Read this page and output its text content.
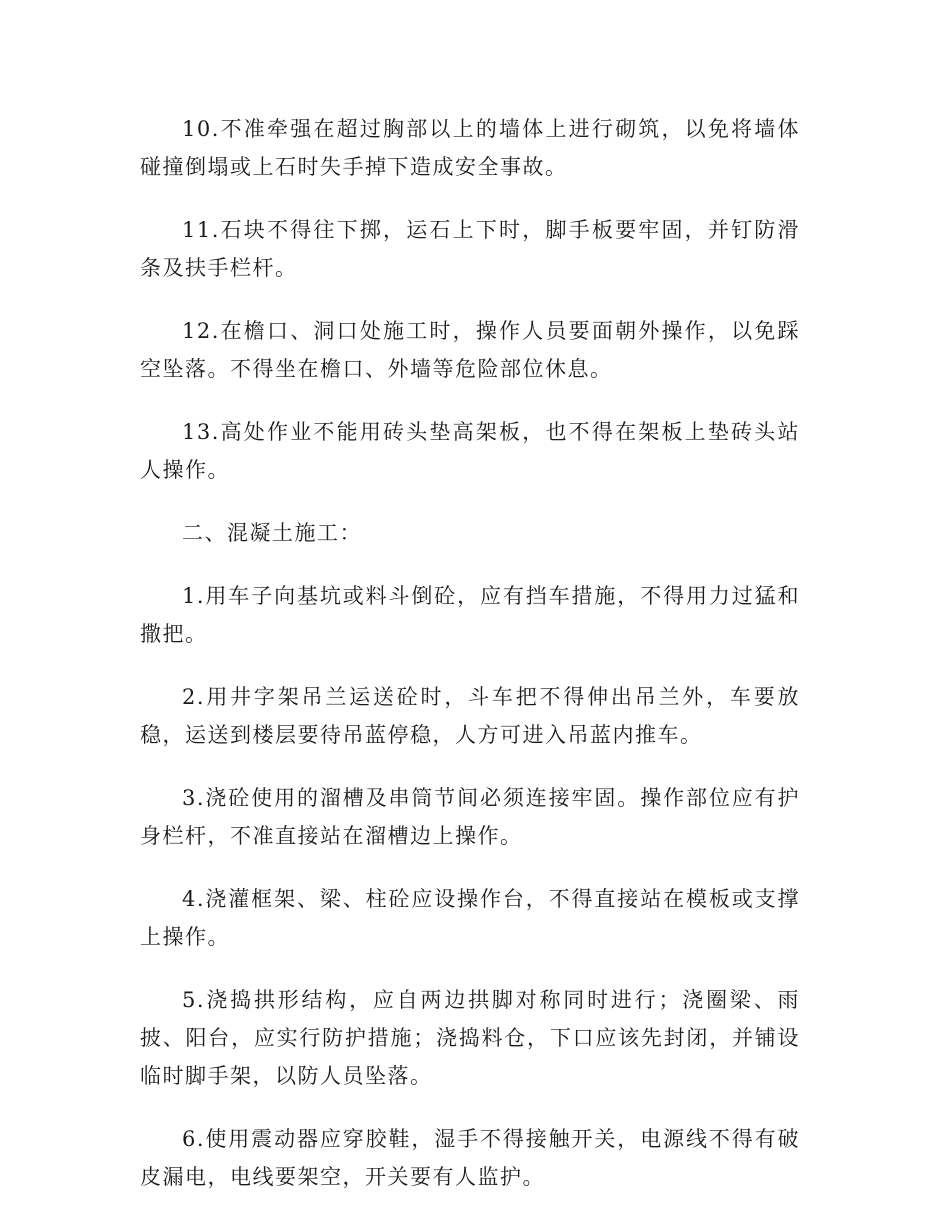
10.不准牵强在超过胸部以上的墙体上进行砌筑，以免将墙体碰撞倒塌或上石时失手掉下造成安全事故。

11.石块不得往下掷，运石上下时，脚手板要牢固，并钉防滑条及扶手栏杆。

12.在檐口、洞口处施工时，操作人员要面朝外操作，以免踩空坠落。不得坐在檐口、外墙等危险部位休息。

13.高处作业不能用砖头垫高架板，也不得在架板上垫砖头站人操作。

二、混凝土施工：

1.用车子向基坑或料斗倒砼，应有挡车措施，不得用力过猛和撒把。

2.用井字架吊兰运送砼时，斗车把不得伸出吊兰外，车要放稳，运送到楼层要待吊蓝停稳，人方可进入吊蓝内推车。

3.浇砼使用的溜槽及串筒节间必须连接牢固。操作部位应有护身栏杆，不准直接站在溜槽边上操作。

4.浇灌框架、梁、柱砼应设操作台，不得直接站在模板或支撑上操作。

5.浇捣拱形结构，应自两边拱脚对称同时进行；浇圈梁、雨披、阳台，应实行防护措施；浇捣料仓，下口应该先封闭，并铺设临时脚手架，以防人员坠落。

6.使用震动器应穿胶鞋，湿手不得接触开关，电源线不得有破皮漏电，电线要架空，开关要有人监护。
